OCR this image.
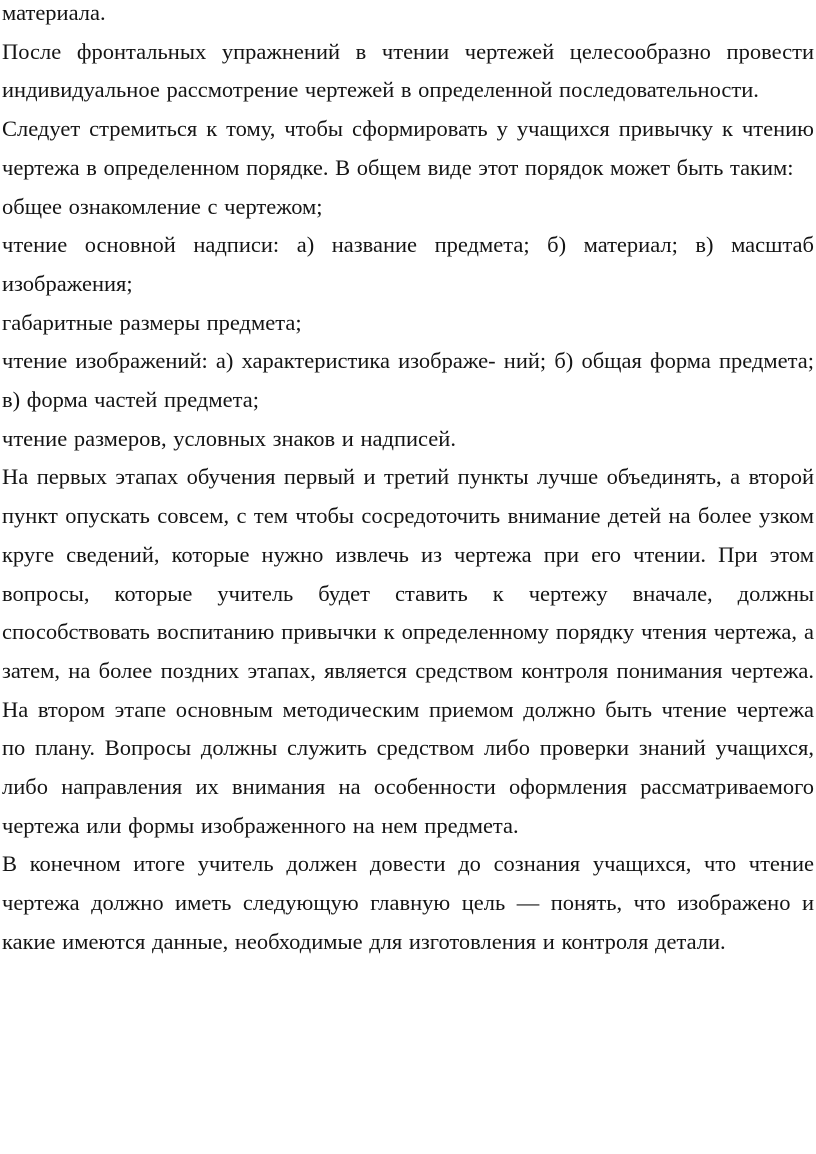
материала.

После фронтальных упражнений в чтении чертежей целесообразно провести индивидуальное рассмотрение чертежей в определенной последовательности.

Следует стремиться к тому, чтобы сформировать у учащихся привычку к чтению чертежа в определенном порядке. В общем виде этот порядок может быть таким:

общее ознакомление с чертежом;

чтение основной надписи: а) название предмета; б) материал; в) масштаб изображения;

габаритные размеры предмета;

чтение изображений: а) характеристика изображе- ний; б) общая форма предмета; в) форма частей предмета;

чтение размеров, условных знаков и надписей.

На первых этапах обучения первый и третий пункты лучше объединять, а второй пункт опускать совсем, с тем чтобы сосредоточить внимание детей на более узком круге сведений, которые нужно извлечь из чертежа при его чтении. При этом вопросы, которые учитель будет ставить к чертежу вначале, должны способствовать воспитанию привычки к определенному порядку чтения чертежа, а затем, на более поздних этапах, является средством контроля понимания чертежа. На втором этапе основным методическим приемом должно быть чтение чертежа по плану. Вопросы должны служить средством либо проверки знаний учащихся, либо направления их внимания на особенности оформления рассматриваемого чертежа или формы изображенного на нем предмета.

В конечном итоге учитель должен довести до сознания учащихся, что чтение чертежа должно иметь следующую главную цель — понять, что изображено и какие имеются данные, необходимые для изготовления и контроля детали.
